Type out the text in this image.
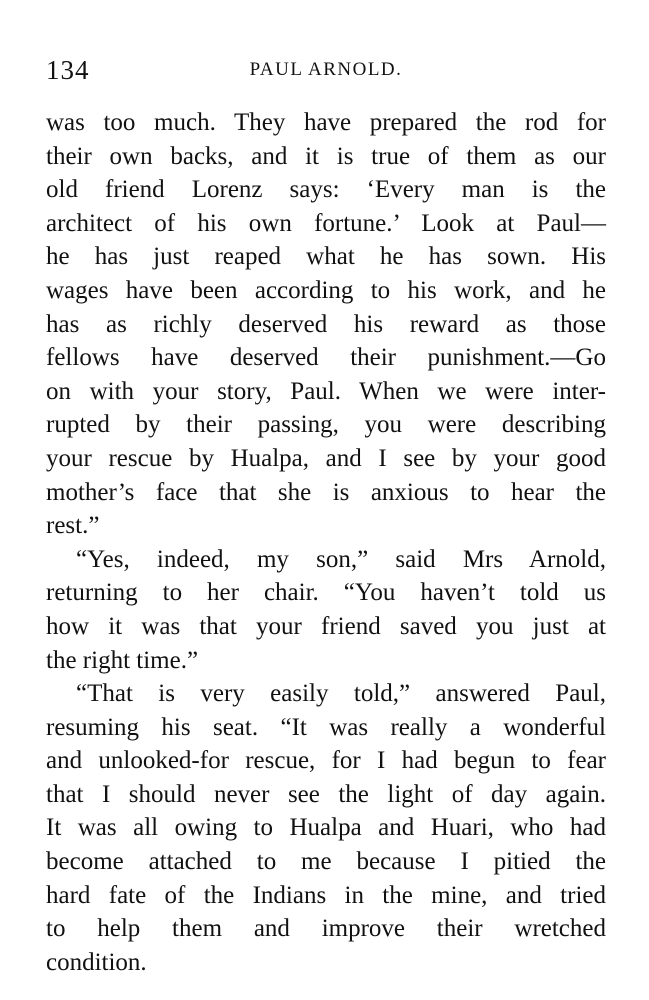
134	PAUL ARNOLD.
was too much. They have prepared the rod for
their own backs, and it is true of them as our
old friend Lorenz says: ‘Every man is the
architect of his own fortune.’ Look at Paul—
he has just reaped what he has sown. His
wages have been according to his work, and he
has as richly deserved his reward as those
fellows have deserved their punishment.—Go
on with your story, Paul. When we were inter-
rupted by their passing, you were describing
your rescue by Hualpa, and I see by your good
mother’s face that she is anxious to hear the
rest.”
“Yes, indeed, my son,” said Mrs Arnold,
returning to her chair. “You haven’t told us
how it was that your friend saved you just at
the right time.”
“That is very easily told,” answered Paul,
resuming his seat. “It was really a wonderful
and unlooked-for rescue, for I had begun to fear
that I should never see the light of day again.
It was all owing to Hualpa and Huari, who had
become attached to me because I pitied the
hard fate of the Indians in the mine, and tried
to help them and improve their wretched
condition.
